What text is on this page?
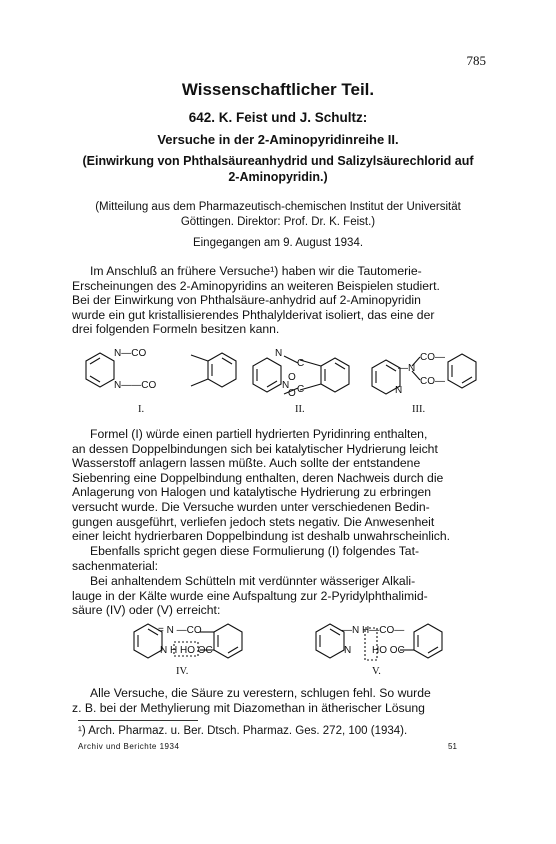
785
Wissenschaftlicher Teil.
642. K. Feist und J. Schultz:
Versuche in der 2-Aminopyridinreihe II.
(Einwirkung von Phthalsäureanhydrid und Salizylsäurechlorid auf
2-Aminopyridin.)
(Mitteilung aus dem Pharmazeutisch-chemischen Institut der Universität
Göttingen. Direktor: Prof. Dr. K. Feist.)
Eingegangen am 9. August 1934.
Im Anschluß an frühere Versuche¹) haben wir die Tautomerie-
Erscheinungen des 2-Aminopyridins an weiteren Beispielen studiert.
Bei der Einwirkung von Phthalsäure-anhydrid auf 2-Aminopyridin
wurde ein gut kristallisierendes Phthalylderivat isoliert, das eine der
drei folgenden Formeln besitzen kann.
N—CO
N——CO
I.
N
C
O
N
O C
II.
—N
CO—
CO—
N
III.
Formel (I) würde einen partiell hydrierten Pyridinring enthalten,
an dessen Doppelbindungen sich bei katalytischer Hydrierung leicht
Wasserstoff anlagern lassen müßte. Auch sollte der entstandene
Siebenring eine Doppelbindung enthalten, deren Nachweis durch die
Anlagerung von Halogen und katalytische Hydrierung zu erbringen
versucht wurde. Die Versuche wurden unter verschiedenen Bedin-
gungen ausgeführt, verliefen jedoch stets negativ. Die Anwesenheit
einer leicht hydrierbaren Doppelbindung ist deshalb unwahrscheinlich.
Ebenfalls spricht gegen diese Formulierung (I) folgendes Tat-
sachenmaterial:
Bei anhaltendem Schütteln mit verdünnter wässeriger Alkali-
lauge in der Kälte wurde eine Aufspaltung zur 2-Pyridylphthalimid-
säure (IV) oder (V) erreicht:
= N —CO
N H HO OC
IV.
—N H—CO—
N HO OC
V.
Alle Versuche, die Säure zu verestern, schlugen fehl. So wurde
z. B. bei der Methylierung mit Diazomethan in ätherischer Lösung
¹) Arch. Pharmaz. u. Ber. Dtsch. Pharmaz. Ges. 272, 100 (1934).
Archiv und Berichte 1934	51
